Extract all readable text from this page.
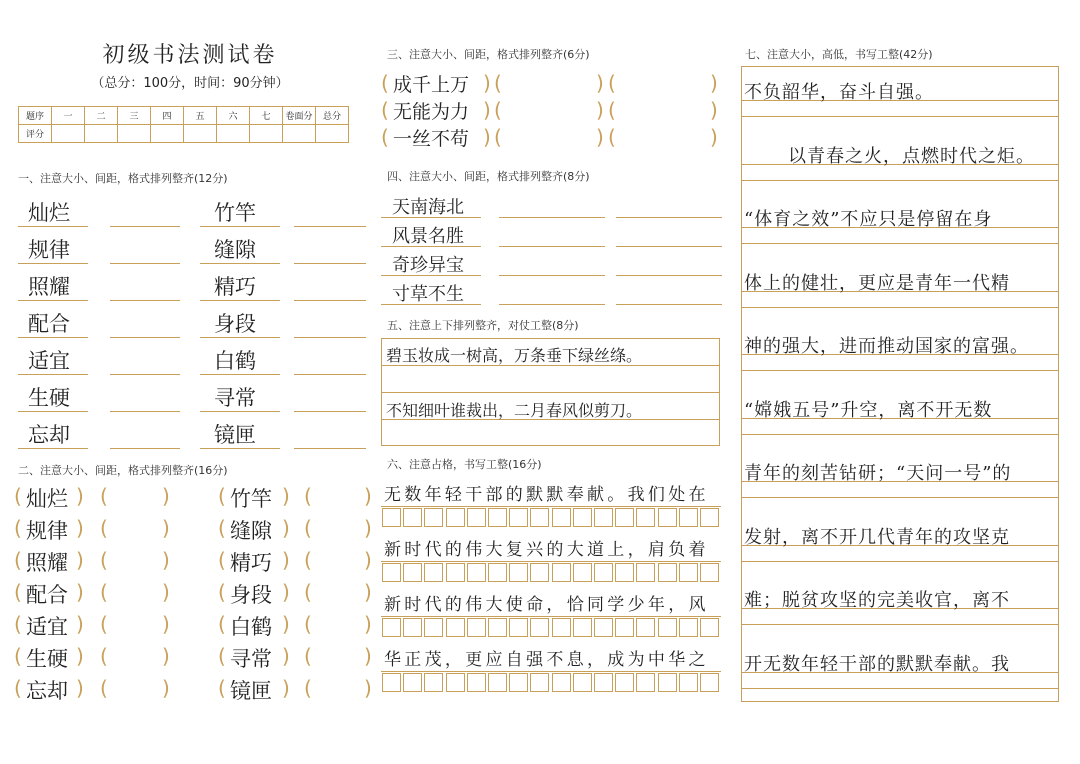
初级书法测试卷
（总分：100分，时间：90分钟）
题序	一	二	三	四	五	六	七	卷面分	总分
评分									
一、注意大小、间距，格式排列整齐(12分)
灿烂	竹竿
规律	缝隙
照耀	精巧
配合	身段
适宜	白鹤
生硬	寻常
忘却	镜匣
二、注意大小、间距，格式排列整齐(16分)
( 灿烂 ) (	) ( 竹竿 ) (	)
( 规律 ) (	) ( 缝隙 ) (	)
( 照耀 ) (	) ( 精巧 ) (	)
( 配合 ) (	) ( 身段 ) (	)
( 适宜 ) (	) ( 白鹤 ) (	)
( 生硬 ) (	) ( 寻常 ) (	)
( 忘却 ) (	) ( 镜匣 ) (	)
三、注意大小、间距，格式排列整齐(6分)
( 成千上万 ) (	) (	)
( 无能为力 ) (	) (	)
( 一丝不苟 ) (	) (	)
四、注意大小、间距，格式排列整齐(8分)
天南海北
风景名胜
奇珍异宝
寸草不生
五、注意上下排列整齐，对仗工整(8分)
碧玉妆成一树高，万条垂下绿丝绦。
不知细叶谁裁出，二月春风似剪刀。
六、注意占格，书写工整(16分)
无数年轻干部的默默奉献。我们处在
新时代的伟大复兴的大道上，肩负着
新时代的伟大使命，恰同学少年，风
华正茂，更应自强不息，成为中华之
七、注意大小，高低，书写工整(42分)
不负韶华，奋斗自强。
以青春之火，点燃时代之炬。
“体育之效”不应只是停留在身
体上的健壮，更应是青年一代精
神的强大，进而推动国家的富强。
“嫦娥五号”升空，离不开无数
青年的刻苦钻研；“天问一号”的
发射，离不开几代青年的攻坚克
难；脱贫攻坚的完美收官，离不
开无数年轻干部的默默奉献。我
